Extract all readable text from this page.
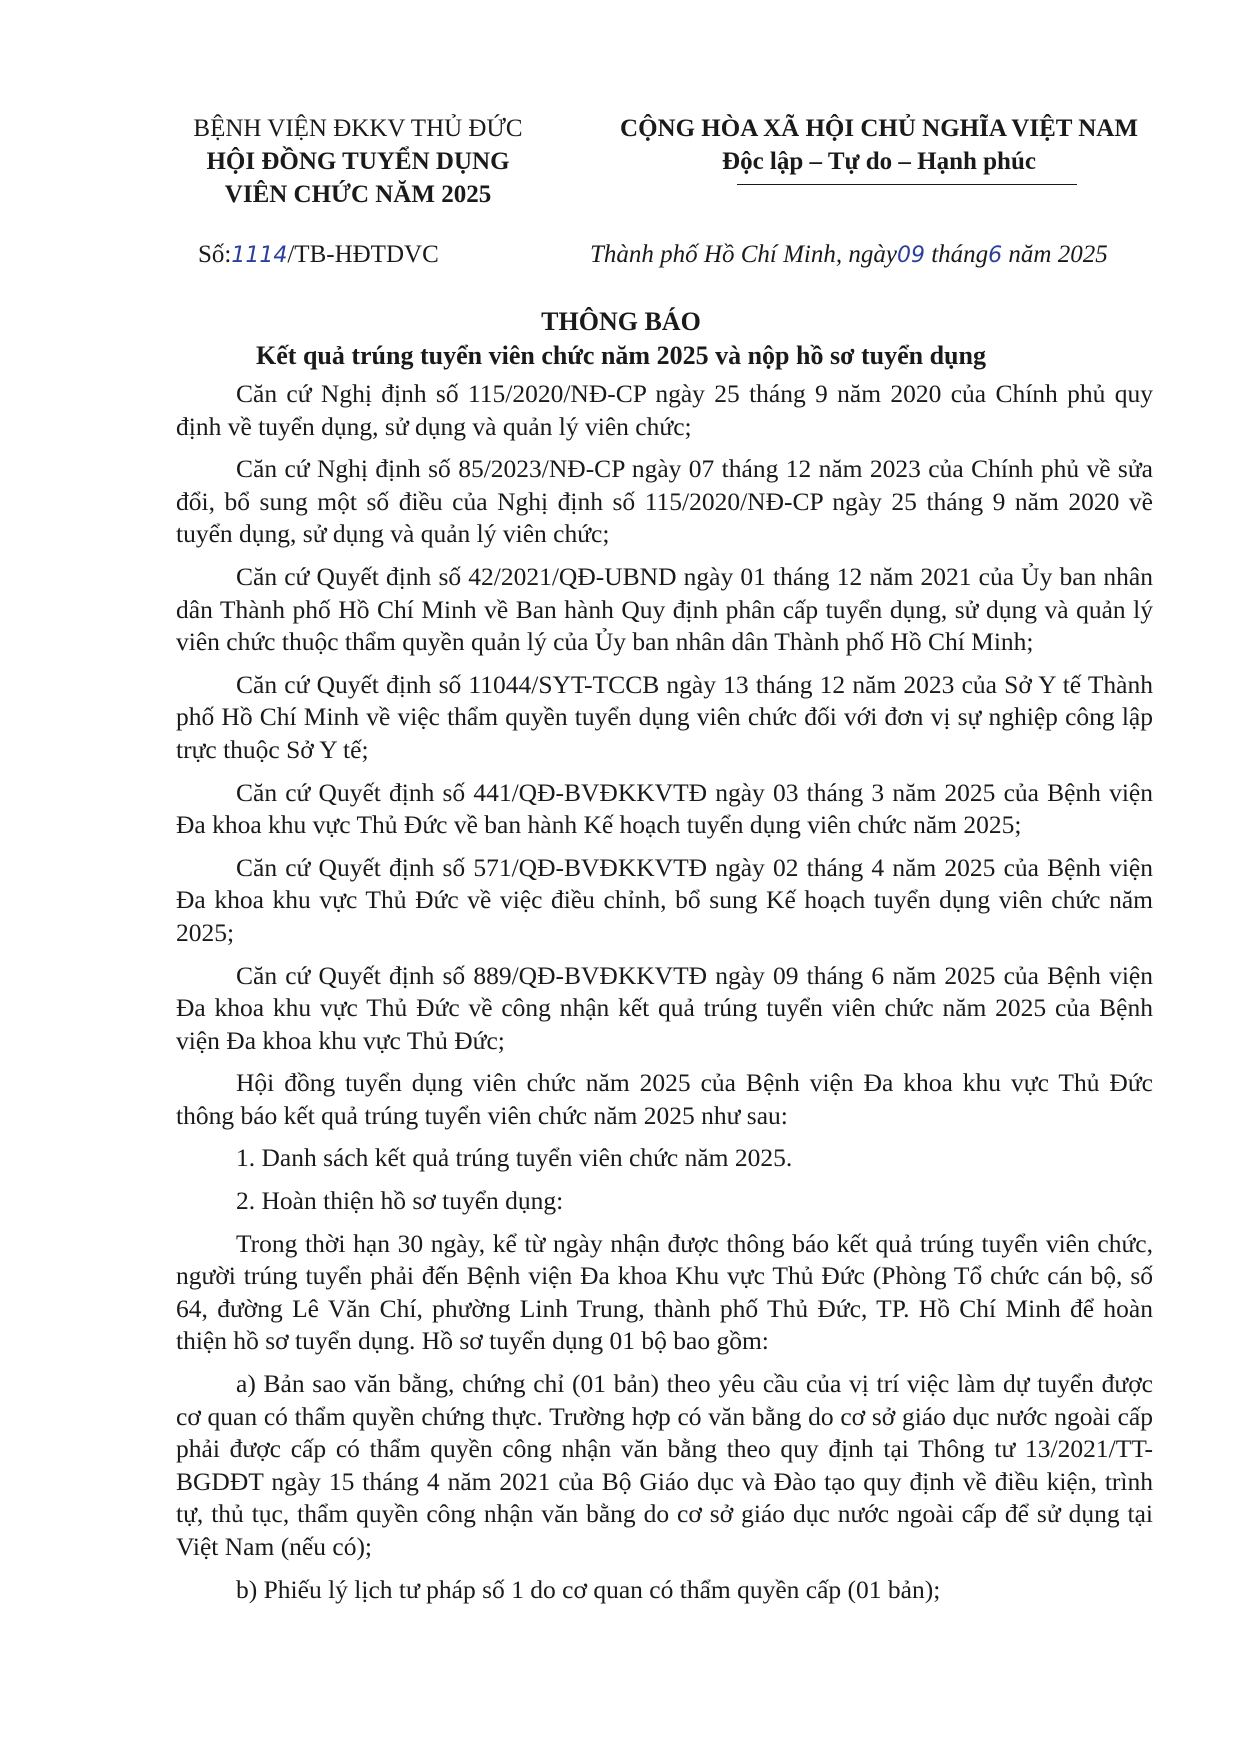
BỆNH VIỆN ĐKKV THỦ ĐỨC
HỘI ĐỒNG TUYỂN DỤNG
VIÊN CHỨC NĂM 2025
CỘNG HÒA XÃ HỘI CHỦ NGHĨA VIỆT NAM
Độc lập – Tự do – Hạnh phúc
Số:1114/TB-HĐTDVC	Thành phố Hồ Chí Minh, ngày09 tháng6 năm 2025
THÔNG BÁO
Kết quả trúng tuyển viên chức năm 2025 và nộp hồ sơ tuyển dụng

Căn cứ Nghị định số 115/2020/NĐ-CP ngày 25 tháng 9 năm 2020 của Chính phủ quy định về tuyển dụng, sử dụng và quản lý viên chức;

Căn cứ Nghị định số 85/2023/NĐ-CP ngày 07 tháng 12 năm 2023 của Chính phủ về sửa đổi, bổ sung một số điều của Nghị định số 115/2020/NĐ-CP ngày 25 tháng 9 năm 2020 về tuyển dụng, sử dụng và quản lý viên chức;

Căn cứ Quyết định số 42/2021/QĐ-UBND ngày 01 tháng 12 năm 2021 của Ủy ban nhân dân Thành phố Hồ Chí Minh về Ban hành Quy định phân cấp tuyển dụng, sử dụng và quản lý viên chức thuộc thẩm quyền quản lý của Ủy ban nhân dân Thành phố Hồ Chí Minh;

Căn cứ Quyết định số 11044/SYT-TCCB ngày 13 tháng 12 năm 2023 của Sở Y tế Thành phố Hồ Chí Minh về việc thẩm quyền tuyển dụng viên chức đối với đơn vị sự nghiệp công lập trực thuộc Sở Y tế;

Căn cứ Quyết định số 441/QĐ-BVĐKKVTĐ ngày 03 tháng 3 năm 2025 của Bệnh viện Đa khoa khu vực Thủ Đức về ban hành Kế hoạch tuyển dụng viên chức năm 2025;

Căn cứ Quyết định số 571/QĐ-BVĐKKVTĐ ngày 02 tháng 4 năm 2025 của Bệnh viện Đa khoa khu vực Thủ Đức về việc điều chỉnh, bổ sung Kế hoạch tuyển dụng viên chức năm 2025;

Căn cứ Quyết định số 889/QĐ-BVĐKKVTĐ ngày 09 tháng 6 năm 2025 của Bệnh viện Đa khoa khu vực Thủ Đức về công nhận kết quả trúng tuyển viên chức năm 2025 của Bệnh viện Đa khoa khu vực Thủ Đức;

Hội đồng tuyển dụng viên chức năm 2025 của Bệnh viện Đa khoa khu vực Thủ Đức thông báo kết quả trúng tuyển viên chức năm 2025 như sau:

1. Danh sách kết quả trúng tuyển viên chức năm 2025.

2. Hoàn thiện hồ sơ tuyển dụng:

Trong thời hạn 30 ngày, kể từ ngày nhận được thông báo kết quả trúng tuyển viên chức, người trúng tuyển phải đến Bệnh viện Đa khoa Khu vực Thủ Đức (Phòng Tổ chức cán bộ, số 64, đường Lê Văn Chí, phường Linh Trung, thành phố Thủ Đức, TP. Hồ Chí Minh để hoàn thiện hồ sơ tuyển dụng. Hồ sơ tuyển dụng 01 bộ bao gồm:

a) Bản sao văn bằng, chứng chỉ (01 bản) theo yêu cầu của vị trí việc làm dự tuyển được cơ quan có thẩm quyền chứng thực. Trường hợp có văn bằng do cơ sở giáo dục nước ngoài cấp phải được cấp có thẩm quyền công nhận văn bằng theo quy định tại Thông tư 13/2021/TT-BGDĐT ngày 15 tháng 4 năm 2021 của Bộ Giáo dục và Đào tạo quy định về điều kiện, trình tự, thủ tục, thẩm quyền công nhận văn bằng do cơ sở giáo dục nước ngoài cấp để sử dụng tại Việt Nam (nếu có);

b) Phiếu lý lịch tư pháp số 1 do cơ quan có thẩm quyền cấp (01 bản);
